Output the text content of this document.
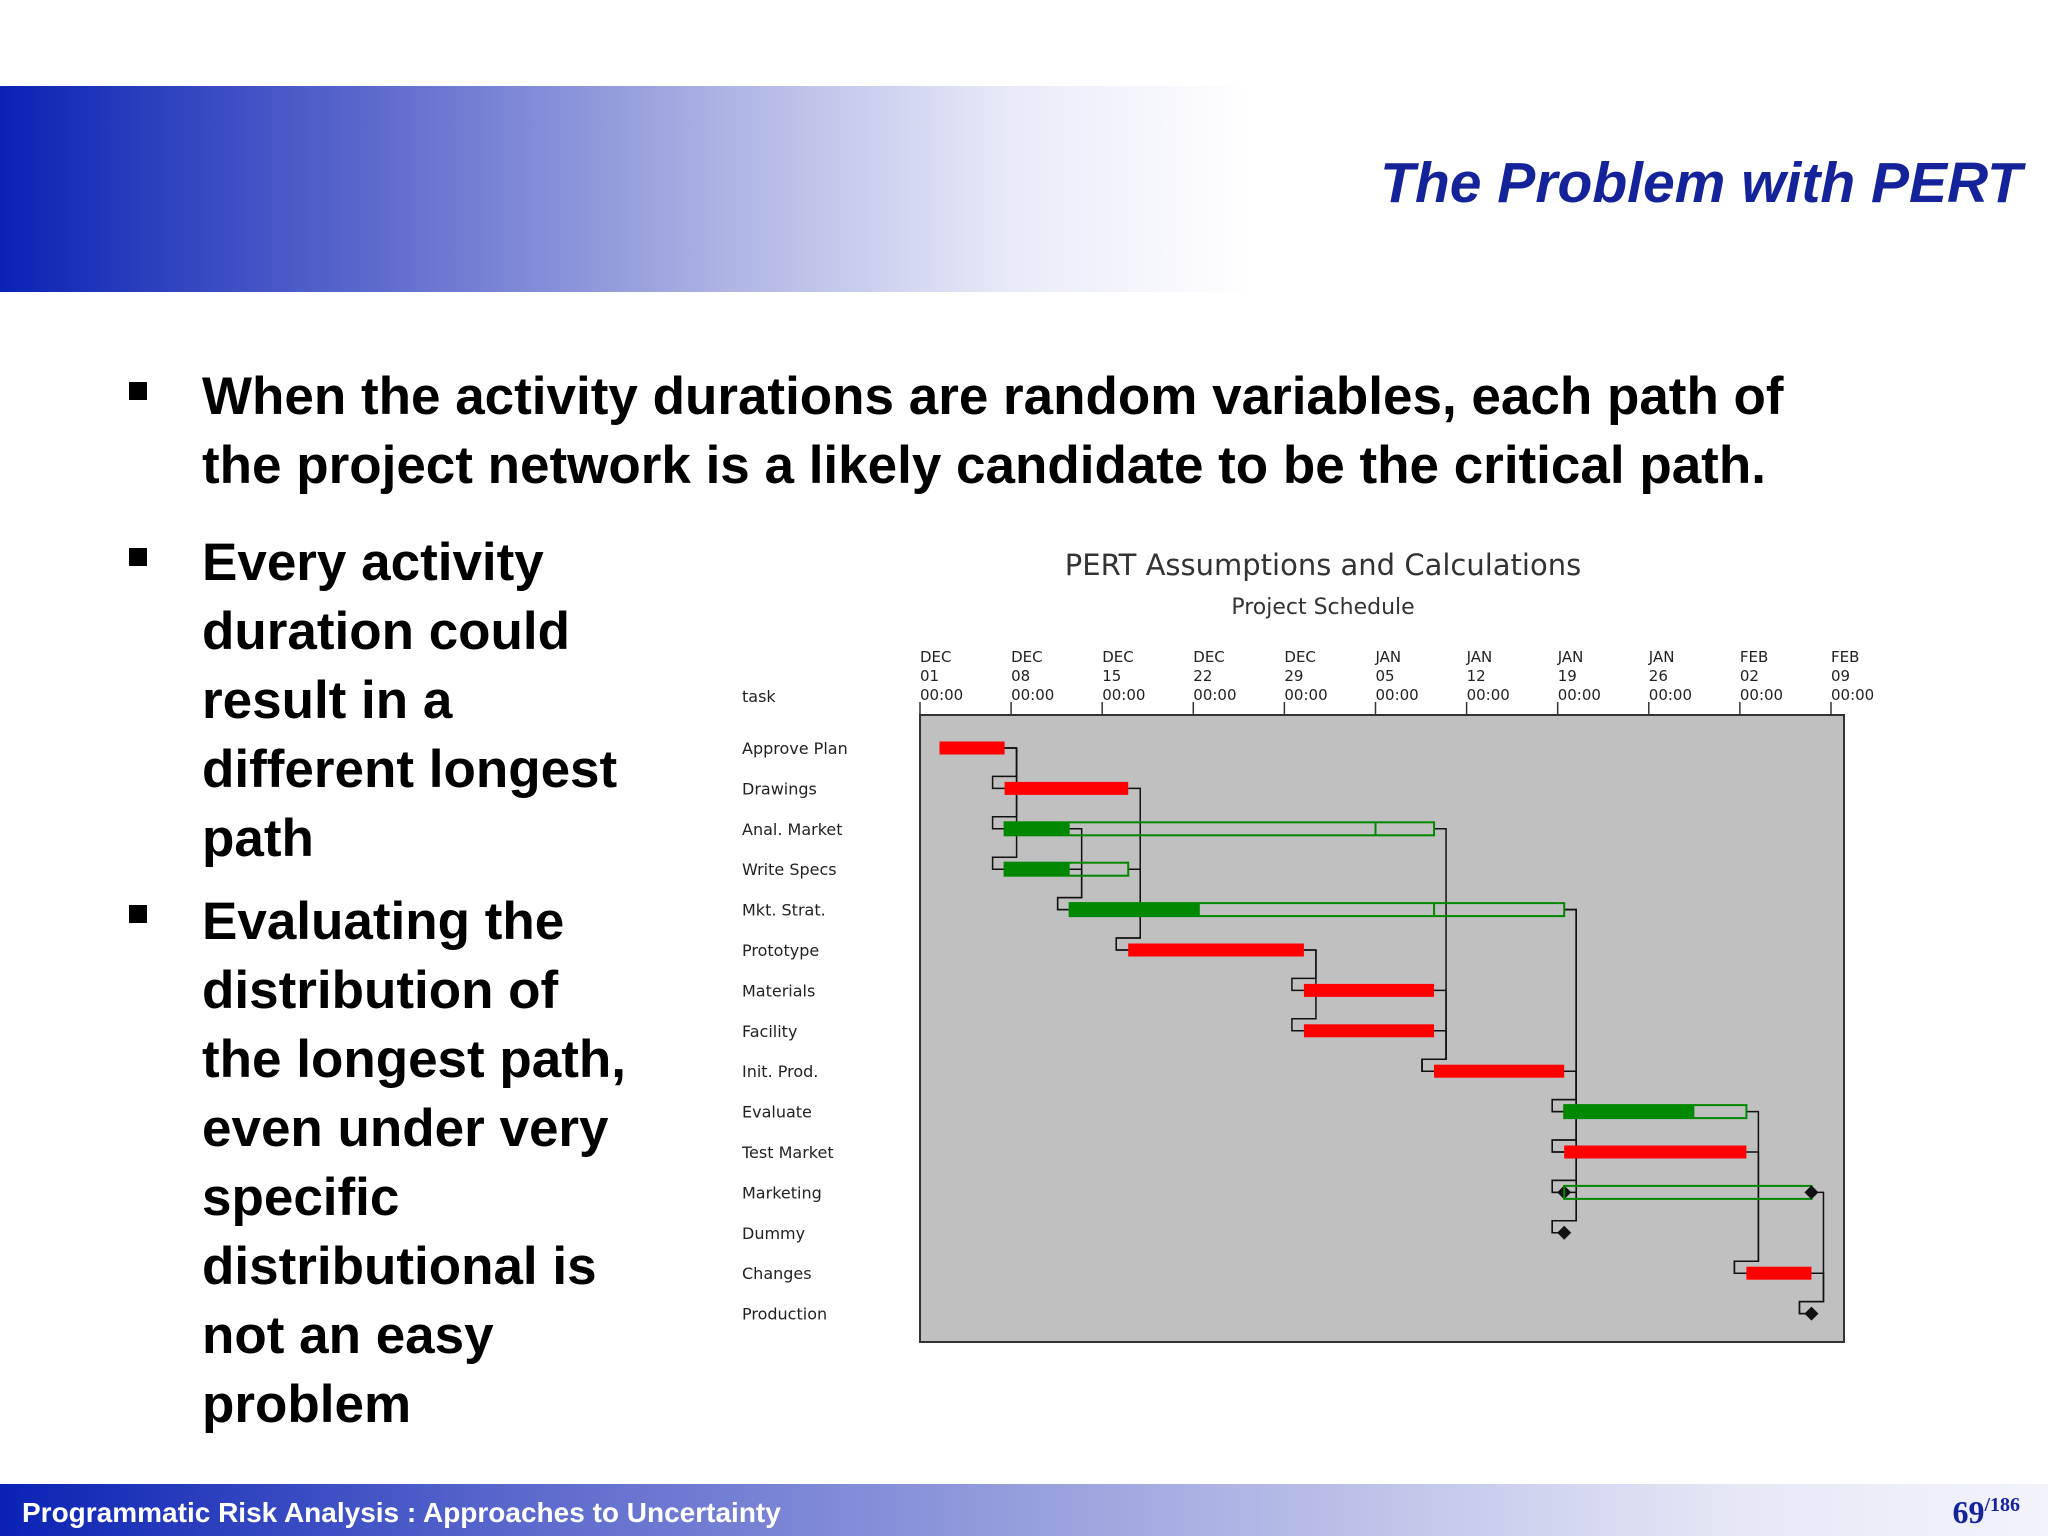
The Problem with PERT

When the activity durations are random variables, each path of
the project network is a likely candidate to be the critical path.

Every activity
duration could
result in a
different longest
path

Evaluating the
distribution of
the longest path,
even under very
specific
distributional is
not an easy
problem

PERT Assumptions and Calculations
Project Schedule
task
DEC
01
00:00
DEC
08
00:00
DEC
15
00:00
DEC
22
00:00
DEC
29
00:00
JAN
05
00:00
JAN
12
00:00
JAN
19
00:00
JAN
26
00:00
FEB
02
00:00
FEB
09
00:00
Approve Plan
Drawings
Anal. Market
Write Specs
Mkt. Strat.
Prototype
Materials
Facility
Init. Prod.
Evaluate
Test Market
Marketing
Dummy
Changes
Production
Programmatic Risk Analysis : Approaches to Uncertainty	69/186
